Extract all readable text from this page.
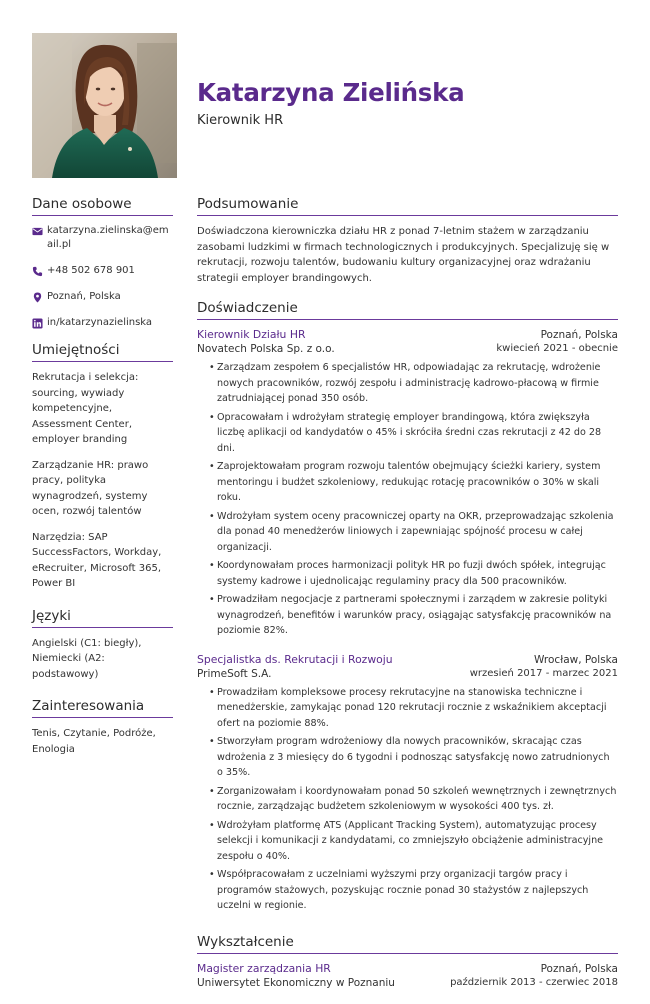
Katarzyna Zielińska
Kierownik HR
Dane osobowe
katarzyna.zielinska@email.pl
+48 502 678 901
Poznań, Polska
in/katarzynazielinska
Umiejętności
Rekrutacja i selekcja: sourcing, wywiady kompetencyjne, Assessment Center, employer branding
Zarządzanie HR: prawo pracy, polityka wynagrodzeń, systemy ocen, rozwój talentów
Narzędzia: SAP SuccessFactors, Workday, eRecruiter, Microsoft 365, Power BI
Języki
Angielski (C1: biegły),
Niemiecki (A2: podstawowy)
Zainteresowania
Tenis, Czytanie, Podróże, Enologia
Podsumowanie
Doświadczona kierowniczka działu HR z ponad 7-letnim stażem w zarządzaniu zasobami ludzkimi w firmach technologicznych i produkcyjnych. Specjalizuję się w rekrutacji, rozwoju talentów, budowaniu kultury organizacyjnej oraz wdrażaniu strategii employer brandingowych.
Doświadczenie
Kierownik Działu HR	Poznań, Polska
Novatech Polska Sp. z o.o.	kwiecień 2021 - obecnie
• Zarządzam zespołem 6 specjalistów HR, odpowiadając za rekrutację, wdrożenie nowych pracowników, rozwój zespołu i administrację kadrowo-płacową w firmie zatrudniającej ponad 350 osób.
• Opracowałam i wdrożyłam strategię employer brandingową, która zwiększyła liczbę aplikacji od kandydatów o 45% i skróciła średni czas rekrutacji z 42 do 28 dni.
• Zaprojektowałam program rozwoju talentów obejmujący ścieżki kariery, system mentoringu i budżet szkoleniowy, redukując rotację pracowników o 30% w skali roku.
• Wdrożyłam system oceny pracowniczej oparty na OKR, przeprowadzając szkolenia dla ponad 40 menedżerów liniowych i zapewniając spójność procesu w całej organizacji.
• Koordynowałam proces harmonizacji polityk HR po fuzji dwóch spółek, integrując systemy kadrowe i ujednolicając regulaminy pracy dla 500 pracowników.
• Prowadziłam negocjacje z partnerami społecznymi i zarządem w zakresie polityki wynagrodzeń, benefitów i warunków pracy, osiągając satysfakcję pracowników na poziomie 82%.
Specjalistka ds. Rekrutacji i Rozwoju	Wrocław, Polska
PrimeSoft S.A.	wrzesień 2017 - marzec 2021
• Prowadziłam kompleksowe procesy rekrutacyjne na stanowiska techniczne i menedżerskie, zamykając ponad 120 rekrutacji rocznie z wskaźnikiem akceptacji ofert na poziomie 88%.
• Stworzyłam program wdrożeniowy dla nowych pracowników, skracając czas wdrożenia z 3 miesięcy do 6 tygodni i podnosząc satysfakcję nowo zatrudnionych o 35%.
• Zorganizowałam i koordynowałam ponad 50 szkoleń wewnętrznych i zewnętrznych rocznie, zarządzając budżetem szkoleniowym w wysokości 400 tys. zł.
• Wdrożyłam platformę ATS (Applicant Tracking System), automatyzując procesy selekcji i komunikacji z kandydatami, co zmniejszyło obciążenie administracyjne zespołu o 40%.
• Współpracowałam z uczelniami wyższymi przy organizacji targów pracy i programów stażowych, pozyskując rocznie ponad 30 stażystów z najlepszych uczelni w regionie.
Wykształcenie
Magister zarządzania HR	Poznań, Polska
Uniwersytet Ekonomiczny w Poznaniu	październik 2013 - czerwiec 2018
